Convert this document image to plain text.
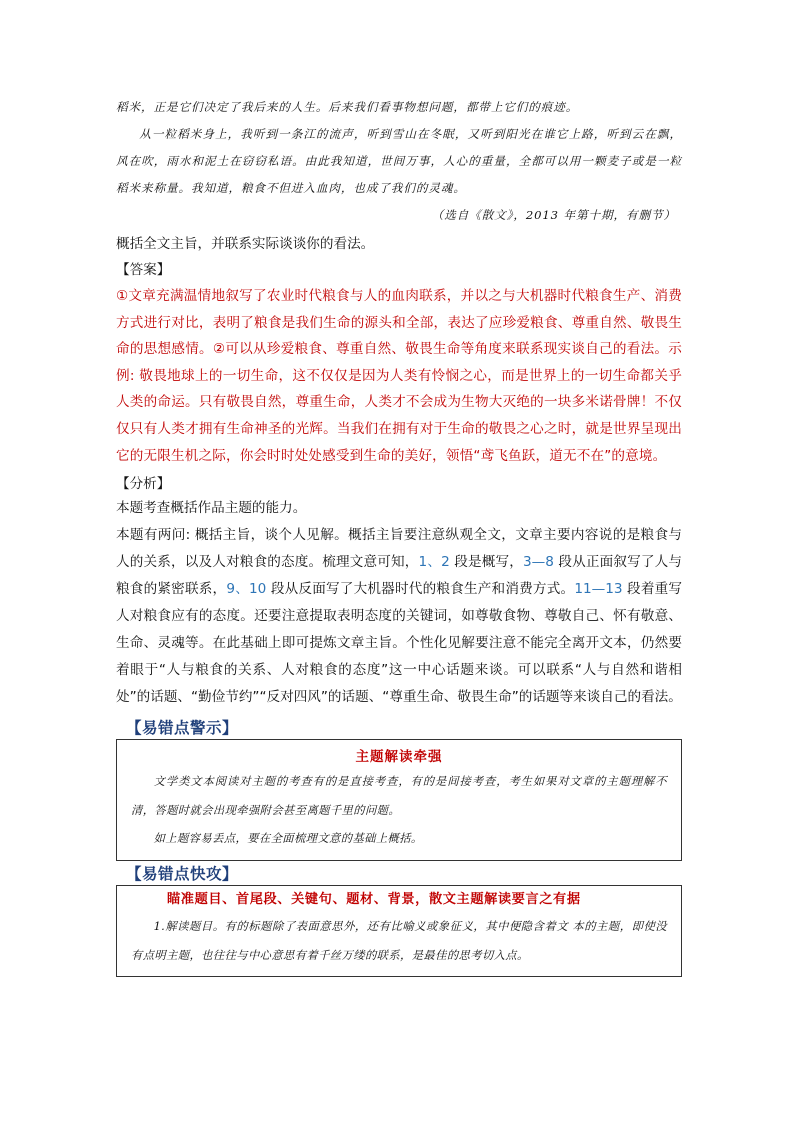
稻米，正是它们决定了我后来的人生。后来我们看事物想问题，都带上它们的痕迹。

从一粒稻米身上，我听到一条江的流声，听到雪山在冬眠，又听到阳光在谁它上路，听到云在飘，风在吹，雨水和泥土在窃窃私语。由此我知道，世间万事，人心的重量，全都可以用一颗麦子或是一粒稻米来称量。我知道，粮食不但进入血肉，也成了我们的灵魂。

（选自《散文》，2013 年第十期，有删节）

概括全文主旨，并联系实际谈谈你的看法。

【答案】

①文章充满温情地叙写了农业时代粮食与人的血肉联系，并以之与大机器时代粮食生产、消费方式进行对比，表明了粮食是我们生命的源头和全部，表达了应珍爱粮食、尊重自然、敬畏生命的思想感情。②可以从珍爱粮食、尊重自然、敬畏生命等角度来联系现实谈自己的看法。示例: 敬畏地球上的一切生命，这不仅仅是因为人类有怜悯之心，而是世界上的一切生命都关乎人类的命运。只有敬畏自然，尊重生命，人类才不会成为生物大灭绝的一块多米诺骨牌！不仅仅只有人类才拥有生命神圣的光辉。当我们在拥有对于生命的敬畏之心之时，就是世界呈现出它的无限生机之际，你会时时处处感受到生命的美好，领悟“鸢飞鱼跃，道无不在”的意境。

【分析】

本题考查概括作品主题的能力。

本题有两问: 概括主旨，谈个人见解。概括主旨要注意纵观全文，文章主要内容说的是粮食与人的关系，以及人对粮食的态度。梳理文意可知，1、2 段是概写，3—8 段从正面叙写了人与粮食的紧密联系，9、10 段从反面写了大机器时代的粮食生产和消费方式。11—13 段着重写人对粮食应有的态度。还要注意提取表明态度的关键词，如尊敬食物、尊敬自己、怀有敬意、生命、灵魂等。在此基础上即可提炼文章主旨。个性化见解要注意不能完全离开文本，仍然要着眼于“人与粮食的关系、人对粮食的态度”这一中心话题来谈。可以联系“人与自然和谐相处”的话题、“勤俭节约”“反对四风”的话题、“尊重生命、敬畏生命”的话题等来谈自己的看法。

【易错点警示】
主题解读牵强

文学类文本阅读对主题的考查有的是直接考查，有的是间接考查，考生如果对文章的主题理解不清，答题时就会出现牵强附会甚至离题千里的问题。

如上题容易丢点，要在全面梳理文意的基础上概括。

【易错点快攻】
瞄准题目、首尾段、关键句、题材、背景，散文主题解读要言之有据

1.解读题目。有的标题除了表面意思外，还有比喻义或象征义，其中便隐含着文 本的主题，即使没有点明主题，也往往与中心意思有着千丝万缕的联系，是最佳的思考切入点。
